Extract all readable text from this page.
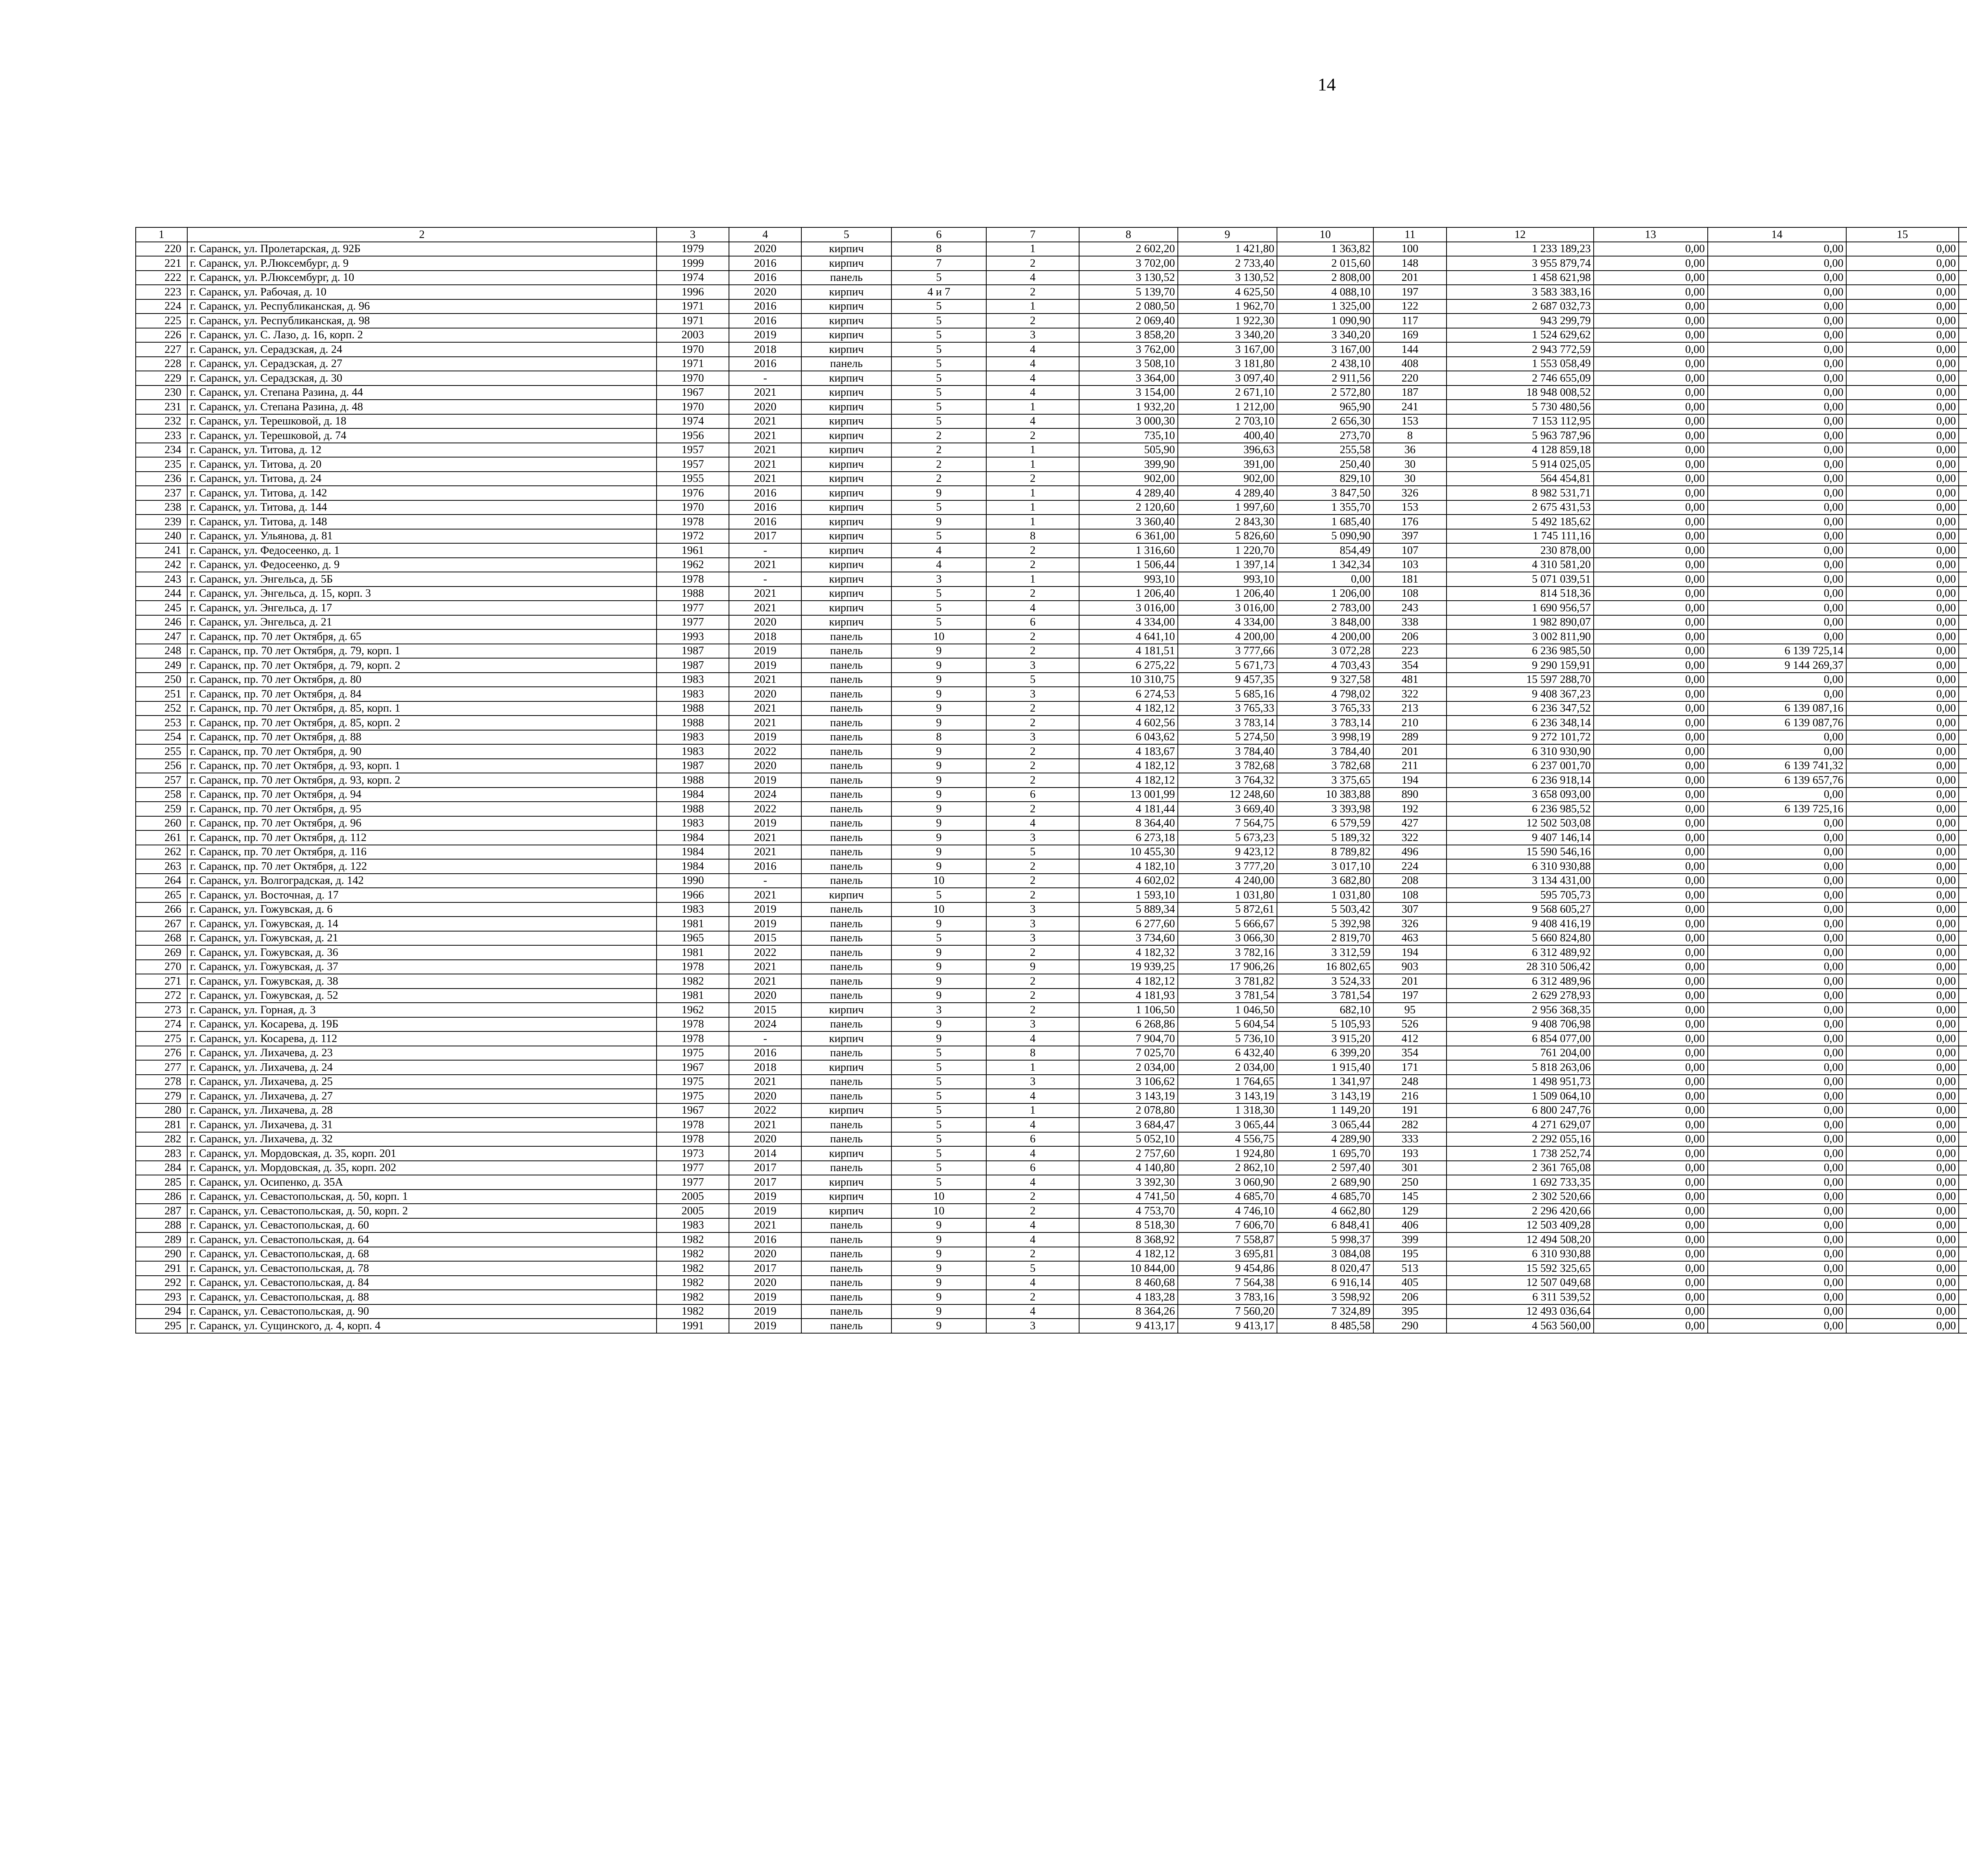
14
1	2	3	4	5	6	7	8	9	10	11	12	13	14	15				
220	г. Саранск, ул. Пролетарская, д. 92Б	1979	2020	кирпич	8	1	2 602,20	1 421,80	1 363,82	100	1 233 189,23	0,00	0,00	0,00				
221	г. Саранск, ул. Р.Люксембург, д. 9	1999	2016	кирпич	7	2	3 702,00	2 733,40	2 015,60	148	3 955 879,74	0,00	0,00	0,00				
222	г. Саранск, ул. Р.Люксембург, д. 10	1974	2016	панель	5	4	3 130,52	3 130,52	2 808,00	201	1 458 621,98	0,00	0,00	0,00				
223	г. Саранск, ул. Рабочая, д. 10	1996	2020	кирпич	4 и 7	2	5 139,70	4 625,50	4 088,10	197	3 583 383,16	0,00	0,00	0,00				
224	г. Саранск, ул. Республиканская, д. 96	1971	2016	кирпич	5	1	2 080,50	1 962,70	1 325,00	122	2 687 032,73	0,00	0,00	0,00				
225	г. Саранск, ул. Республиканская, д. 98	1971	2016	кирпич	5	2	2 069,40	1 922,30	1 090,90	117	943 299,79	0,00	0,00	0,00				
226	г. Саранск, ул. С. Лазо, д. 16, корп. 2	2003	2019	кирпич	5	3	3 858,20	3 340,20	3 340,20	169	1 524 629,62	0,00	0,00	0,00				
227	г. Саранск, ул. Серадзская, д. 24	1970	2018	кирпич	5	4	3 762,00	3 167,00	3 167,00	144	2 943 772,59	0,00	0,00	0,00				
228	г. Саранск, ул. Серадзская, д. 27	1971	2016	панель	5	4	3 508,10	3 181,80	2 438,10	408	1 553 058,49	0,00	0,00	0,00				
229	г. Саранск, ул. Серадзская, д. 30	1970	-	кирпич	5	4	3 364,00	3 097,40	2 911,56	220	2 746 655,09	0,00	0,00	0,00				
230	г. Саранск, ул. Степана Разина, д. 44	1967	2021	кирпич	5	4	3 154,00	2 671,10	2 572,80	187	18 948 008,52	0,00	0,00	0,00				
231	г. Саранск, ул. Степана Разина, д. 48	1970	2020	кирпич	5	1	1 932,20	1 212,00	965,90	241	5 730 480,56	0,00	0,00	0,00				
232	г. Саранск, ул. Терешковой, д. 18	1974	2021	кирпич	5	4	3 000,30	2 703,10	2 656,30	153	7 153 112,95	0,00	0,00	0,00				
233	г. Саранск, ул. Терешковой, д. 74	1956	2021	кирпич	2	2	735,10	400,40	273,70	8	5 963 787,96	0,00	0,00	0,00				
234	г. Саранск, ул. Титова, д. 12	1957	2021	кирпич	2	1	505,90	396,63	255,58	36	4 128 859,18	0,00	0,00	0,00				
235	г. Саранск, ул. Титова, д. 20	1957	2021	кирпич	2	1	399,90	391,00	250,40	30	5 914 025,05	0,00	0,00	0,00				
236	г. Саранск, ул. Титова, д. 24	1955	2021	кирпич	2	2	902,00	902,00	829,10	30	564 454,81	0,00	0,00	0,00				
237	г. Саранск, ул. Титова, д. 142	1976	2016	кирпич	9	1	4 289,40	4 289,40	3 847,50	326	8 982 531,71	0,00	0,00	0,00				
238	г. Саранск, ул. Титова, д. 144	1970	2016	кирпич	5	1	2 120,60	1 997,60	1 355,70	153	2 675 431,53	0,00	0,00	0,00				
239	г. Саранск, ул. Титова, д. 148	1978	2016	кирпич	9	1	3 360,40	2 843,30	1 685,40	176	5 492 185,62	0,00	0,00	0,00				
240	г. Саранск, ул. Ульянова, д. 81	1972	2017	кирпич	5	8	6 361,00	5 826,60	5 090,90	397	1 745 111,16	0,00	0,00	0,00				
241	г. Саранск, ул. Федосеенко, д. 1	1961	-	кирпич	4	2	1 316,60	1 220,70	854,49	107	230 878,00	0,00	0,00	0,00				
242	г. Саранск, ул. Федосеенко, д. 9	1962	2021	кирпич	4	2	1 506,44	1 397,14	1 342,34	103	4 310 581,20	0,00	0,00	0,00				
243	г. Саранск, ул. Энгельса, д. 5Б	1978	-	кирпич	3	1	993,10	993,10	0,00	181	5 071 039,51	0,00	0,00	0,00				
244	г. Саранск, ул. Энгельса, д. 15, корп. 3	1988	2021	кирпич	5	2	1 206,40	1 206,40	1 206,00	108	814 518,36	0,00	0,00	0,00				
245	г. Саранск, ул. Энгельса, д. 17	1977	2021	кирпич	5	4	3 016,00	3 016,00	2 783,00	243	1 690 956,57	0,00	0,00	0,00				
246	г. Саранск, ул. Энгельса, д. 21	1977	2020	кирпич	5	6	4 334,00	4 334,00	3 848,00	338	1 982 890,07	0,00	0,00	0,00				
247	г. Саранск, пр. 70 лет Октября, д. 65	1993	2018	панель	10	2	4 641,10	4 200,00	4 200,00	206	3 002 811,90	0,00	0,00	0,00				
248	г. Саранск, пр. 70 лет Октября, д. 79, корп. 1	1987	2019	панель	9	2	4 181,51	3 777,66	3 072,28	223	6 236 985,50	0,00	6 139 725,14	0,00				
249	г. Саранск, пр. 70 лет Октября, д. 79, корп. 2	1987	2019	панель	9	3	6 275,22	5 671,73	4 703,43	354	9 290 159,91	0,00	9 144 269,37	0,00				
250	г. Саранск, пр. 70 лет Октября, д. 80	1983	2021	панель	9	5	10 310,75	9 457,35	9 327,58	481	15 597 288,70	0,00	0,00	0,00				
251	г. Саранск, пр. 70 лет Октября, д. 84	1983	2020	панель	9	3	6 274,53	5 685,16	4 798,02	322	9 408 367,23	0,00	0,00	0,00				
252	г. Саранск, пр. 70 лет Октября, д. 85, корп. 1	1988	2021	панель	9	2	4 182,12	3 765,33	3 765,33	213	6 236 347,52	0,00	6 139 087,16	0,00				
253	г. Саранск, пр. 70 лет Октября, д. 85, корп. 2	1988	2021	панель	9	2	4 602,56	3 783,14	3 783,14	210	6 236 348,14	0,00	6 139 087,76	0,00				
254	г. Саранск, пр. 70 лет Октября, д. 88	1983	2019	панель	8	3	6 043,62	5 274,50	3 998,19	289	9 272 101,72	0,00	0,00	0,00				
255	г. Саранск, пр. 70 лет Октября, д. 90	1983	2022	панель	9	2	4 183,67	3 784,40	3 784,40	201	6 310 930,90	0,00	0,00	0,00				
256	г. Саранск, пр. 70 лет Октября, д. 93, корп. 1	1987	2020	панель	9	2	4 182,12	3 782,68	3 782,68	211	6 237 001,70	0,00	6 139 741,32	0,00				
257	г. Саранск, пр. 70 лет Октября, д. 93, корп. 2	1988	2019	панель	9	2	4 182,12	3 764,32	3 375,65	194	6 236 918,14	0,00	6 139 657,76	0,00				
258	г. Саранск, пр. 70 лет Октября, д. 94	1984	2024	панель	9	6	13 001,99	12 248,60	10 383,88	890	3 658 093,00	0,00	0,00	0,00				
259	г. Саранск, пр. 70 лет Октября, д. 95	1988	2022	панель	9	2	4 181,44	3 669,40	3 393,98	192	6 236 985,52	0,00	6 139 725,16	0,00				
260	г. Саранск, пр. 70 лет Октября, д. 96	1983	2019	панель	9	4	8 364,40	7 564,75	6 579,59	427	12 502 503,08	0,00	0,00	0,00				
261	г. Саранск, пр. 70 лет Октября, д. 112	1984	2021	панель	9	3	6 273,18	5 673,23	5 189,32	322	9 407 146,14	0,00	0,00	0,00				
262	г. Саранск, пр. 70 лет Октября, д. 116	1984	2021	панель	9	5	10 455,30	9 423,12	8 789,82	496	15 590 546,16	0,00	0,00	0,00				
263	г. Саранск, пр. 70 лет Октября, д. 122	1984	2016	панель	9	2	4 182,10	3 777,20	3 017,10	224	6 310 930,88	0,00	0,00	0,00				
264	г. Саранск, ул. Волгоградская, д. 142	1990	-	панель	10	2	4 602,02	4 240,00	3 682,80	208	3 134 431,00	0,00	0,00	0,00				
265	г. Саранск, ул. Восточная, д. 17	1966	2021	кирпич	5	2	1 593,10	1 031,80	1 031,80	108	595 705,73	0,00	0,00	0,00				
266	г. Саранск, ул. Гожувская, д. 6	1983	2019	панель	10	3	5 889,34	5 872,61	5 503,42	307	9 568 605,27	0,00	0,00	0,00				
267	г. Саранск, ул. Гожувская, д. 14	1981	2019	панель	9	3	6 277,60	5 666,67	5 392,98	326	9 408 416,19	0,00	0,00	0,00				
268	г. Саранск, ул. Гожувская, д. 21	1965	2015	панель	5	3	3 734,60	3 066,30	2 819,70	463	5 660 824,80	0,00	0,00	0,00				
269	г. Саранск, ул. Гожувская, д. 36	1981	2022	панель	9	2	4 182,32	3 782,16	3 312,59	194	6 312 489,92	0,00	0,00	0,00				
270	г. Саранск, ул. Гожувская, д. 37	1978	2021	панель	9	9	19 939,25	17 906,26	16 802,65	903	28 310 506,42	0,00	0,00	0,00				
271	г. Саранск, ул. Гожувская, д. 38	1982	2021	панель	9	2	4 182,12	3 781,82	3 524,33	201	6 312 489,96	0,00	0,00	0,00				
272	г. Саранск, ул. Гожувская, д. 52	1981	2020	панель	9	2	4 181,93	3 781,54	3 781,54	197	2 629 278,93	0,00	0,00	0,00				
273	г. Саранск, ул. Горная, д. 3	1962	2015	кирпич	3	2	1 106,50	1 046,50	682,10	95	2 956 368,35	0,00	0,00	0,00				
274	г. Саранск, ул. Косарева, д. 19Б	1978	2024	панель	9	3	6 268,86	5 604,54	5 105,93	526	9 408 706,98	0,00	0,00	0,00				
275	г. Саранск, ул. Косарева, д. 112	1978	-	кирпич	9	4	7 904,70	5 736,10	3 915,20	412	6 854 077,00	0,00	0,00	0,00				
276	г. Саранск, ул. Лихачева, д. 23	1975	2016	панель	5	8	7 025,70	6 432,40	6 399,20	354	761 204,00	0,00	0,00	0,00				
277	г. Саранск, ул. Лихачева, д. 24	1967	2018	кирпич	5	1	2 034,00	2 034,00	1 915,40	171	5 818 263,06	0,00	0,00	0,00				
278	г. Саранск, ул. Лихачева, д. 25	1975	2021	панель	5	3	3 106,62	1 764,65	1 341,97	248	1 498 951,73	0,00	0,00	0,00				
279	г. Саранск, ул. Лихачева, д. 27	1975	2020	панель	5	4	3 143,19	3 143,19	3 143,19	216	1 509 064,10	0,00	0,00	0,00				
280	г. Саранск, ул. Лихачева, д. 28	1967	2022	кирпич	5	1	2 078,80	1 318,30	1 149,20	191	6 800 247,76	0,00	0,00	0,00				
281	г. Саранск, ул. Лихачева, д. 31	1978	2021	панель	5	4	3 684,47	3 065,44	3 065,44	282	4 271 629,07	0,00	0,00	0,00				
282	г. Саранск, ул. Лихачева, д. 32	1978	2020	панель	5	6	5 052,10	4 556,75	4 289,90	333	2 292 055,16	0,00	0,00	0,00				
283	г. Саранск, ул. Мордовская, д. 35, корп. 201	1973	2014	кирпич	5	4	2 757,60	1 924,80	1 695,70	193	1 738 252,74	0,00	0,00	0,00				
284	г. Саранск, ул. Мордовская, д. 35, корп. 202	1977	2017	панель	5	6	4 140,80	2 862,10	2 597,40	301	2 361 765,08	0,00	0,00	0,00				
285	г. Саранск, ул. Осипенко, д. 35А	1977	2017	кирпич	5	4	3 392,30	3 060,90	2 689,90	250	1 692 733,35	0,00	0,00	0,00				
286	г. Саранск, ул. Севастопольская, д. 50, корп. 1	2005	2019	кирпич	10	2	4 741,50	4 685,70	4 685,70	145	2 302 520,66	0,00	0,00	0,00				
287	г. Саранск, ул. Севастопольская, д. 50, корп. 2	2005	2019	кирпич	10	2	4 753,70	4 746,10	4 662,80	129	2 296 420,66	0,00	0,00	0,00				
288	г. Саранск, ул. Севастопольская, д. 60	1983	2021	панель	9	4	8 518,30	7 606,70	6 848,41	406	12 503 409,28	0,00	0,00	0,00				
289	г. Саранск, ул. Севастопольская, д. 64	1982	2016	панель	9	4	8 368,92	7 558,87	5 998,37	399	12 494 508,20	0,00	0,00	0,00				
290	г. Саранск, ул. Севастопольская, д. 68	1982	2020	панель	9	2	4 182,12	3 695,81	3 084,08	195	6 310 930,88	0,00	0,00	0,00				
291	г. Саранск, ул. Севастопольская, д. 78	1982	2017	панель	9	5	10 844,00	9 454,86	8 020,47	513	15 592 325,65	0,00	0,00	0,00				
292	г. Саранск, ул. Севастопольская, д. 84	1982	2020	панель	9	4	8 460,68	7 564,38	6 916,14	405	12 507 049,68	0,00	0,00	0,00				
293	г. Саранск, ул. Севастопольская, д. 88	1982	2019	панель	9	2	4 183,28	3 783,16	3 598,92	206	6 311 539,52	0,00	0,00	0,00				
294	г. Саранск, ул. Севастопольская, д. 90	1982	2019	панель	9	4	8 364,26	7 560,20	7 324,89	395	12 493 036,64	0,00	0,00	0,00				
295	г. Саранск, ул. Сущинского, д. 4, корп. 4	1991	2019	панель	9	3	9 413,17	9 413,17	8 485,58	290	4 563 560,00	0,00	0,00	0,00				
